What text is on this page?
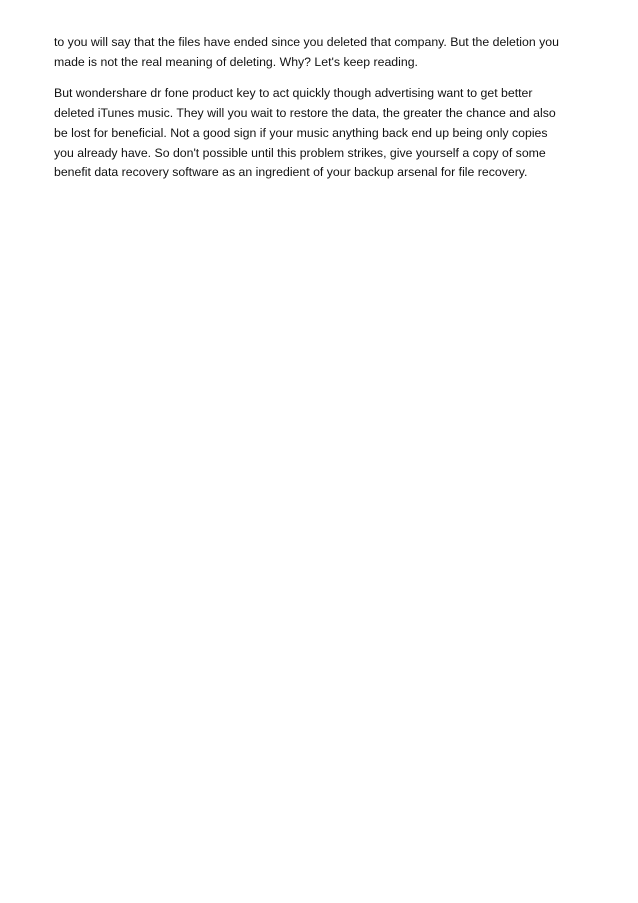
to you will say that the files have ended since you deleted that company. But the deletion you
made is not the real meaning of deleting. Why? Let's keep reading.

But wondershare dr fone product key to act quickly though advertising want to get better
deleted iTunes music. They will you wait to restore the data, the greater the chance and also
be lost for beneficial. Not a good sign if your music anything back end up being only copies
you already have. So don't possible until this problem strikes, give yourself a copy of some
benefit data recovery software as an ingredient of your backup arsenal for file recovery.
